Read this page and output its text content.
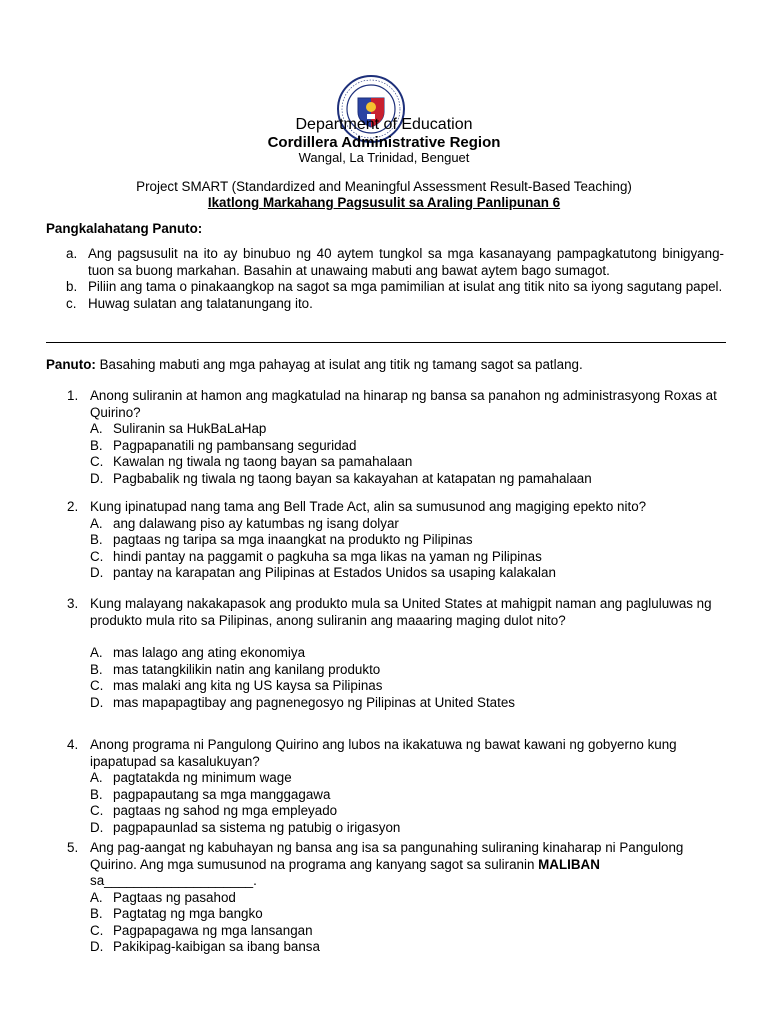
Department of Education
Cordillera Administrative Region
Wangal, La Trinidad, Benguet
Project SMART (Standardized and Meaningful Assessment Result-Based Teaching)
Ikatlong Markahang Pagsusulit sa Araling Panlipunan 6
Pangkalahatang Panuto:
a. Ang pagsusulit na ito ay binubuo ng 40 aytem tungkol sa mga kasanayang pampagkatutong binigyang-tuon sa buong markahan. Basahin at unawaing mabuti ang bawat aytem bago sumagot.
b. Piliin ang tama o pinakaangkop na sagot sa mga pamimilian at isulat ang titik nito sa iyong sagutang papel.
c. Huwag sulatan ang talatanungang ito.
Panuto: Basahing mabuti ang mga pahayag at isulat ang titik ng tamang sagot sa patlang.
1. Anong suliranin at hamon ang magkatulad na hinarap ng bansa sa panahon ng administrasyong Roxas at Quirino?
A. Suliranin sa HukBaLaHap
B. Pagpapanatili ng pambansang seguridad
C. Kawalan ng tiwala ng taong bayan sa pamahalaan
D. Pagbabalik ng tiwala ng taong bayan sa kakayahan at katapatan ng pamahalaan
2. Kung ipinatupad nang tama ang Bell Trade Act, alin sa sumusunod ang magiging epekto nito?
A. ang dalawang piso ay katumbas ng isang dolyar
B. pagtaas ng taripa sa mga inaangkat na produkto ng Pilipinas
C. hindi pantay na paggamit o pagkuha sa mga likas na yaman ng Pilipinas
D. pantay na karapatan ang Pilipinas at Estados Unidos sa usaping kalakalan
3. Kung malayang nakakapasok ang produkto mula sa United States at mahigpit naman ang pagluluwas ng produkto mula rito sa Pilipinas, anong suliranin ang maaaring maging dulot nito?
A. mas lalago ang ating ekonomiya
B. mas tatangkilikin natin ang kanilang produkto
C. mas malaki ang kita ng US kaysa sa Pilipinas
D. mas mapapagtibay ang pagnenegosyo ng Pilipinas at United States
4. Anong programa ni Pangulong Quirino ang lubos na ikakatuwa ng bawat kawani ng gobyerno kung ipapatupad sa kasalukuyan?
A. pagtatakda ng minimum wage
B. pagpapautang sa mga manggagawa
C. pagtaas ng sahod ng mga empleyado
D. pagpapaunlad sa sistema ng patubig o irigasyon
5. Ang pag-aangat ng kabuhayan ng bansa ang isa sa pangunahing suliraning kinaharap ni Pangulong Quirino. Ang mga sumusunod na programa ang kanyang sagot sa suliranin MALIBAN sa____________________.
A. Pagtaas ng pasahod
B. Pagtatag ng mga bangko
C. Pagpapagawa ng mga lansangan
D. Pakikipag-kaibigan sa ibang bansa
